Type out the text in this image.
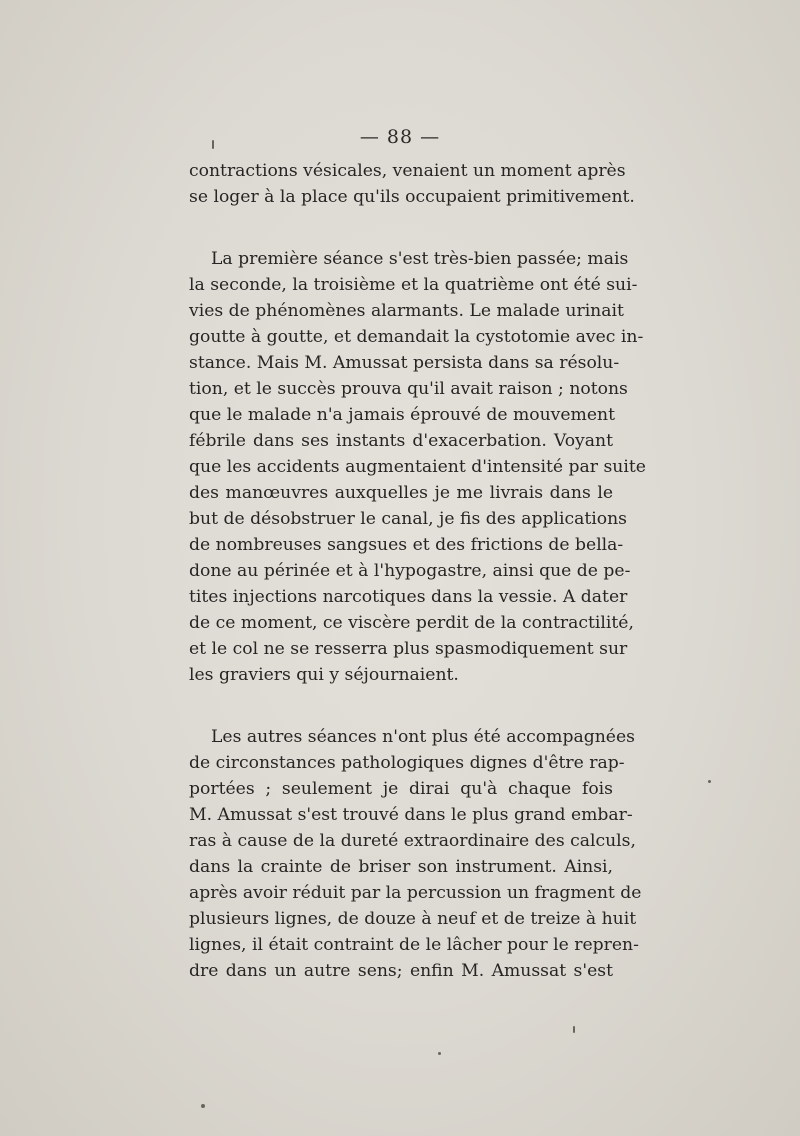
— 88 —
contractions vésicales, venaient un moment après
se loger à la place qu'ils occupaient primitivement.
La première séance s'est très-bien passée; mais
la seconde, la troisième et la quatrième ont été sui-
vies de phénomènes alarmants. Le malade urinait
goutte à goutte, et demandait la cystotomie avec in-
stance. Mais M. Amussat persista dans sa résolu-
tion, et le succès prouva qu'il avait raison ; notons
que le malade n'a jamais éprouvé de mouvement
fébrile dans ses instants d'exacerbation. Voyant
que les accidents augmentaient d'intensité par suite
des manœuvres auxquelles je me livrais dans le
but de désobstruer le canal, je fis des applications
de nombreuses sangsues et des frictions de bella-
done au périnée et à l'hypogastre, ainsi que de pe-
tites injections narcotiques dans la vessie. A dater
de ce moment, ce viscère perdit de la contractilité,
et le col ne se resserra plus spasmodiquement sur
les graviers qui y séjournaient.
Les autres séances n'ont plus été accompagnées
de circonstances pathologiques dignes d'être rap-
portées ; seulement je dirai qu'à chaque fois
M. Amussat s'est trouvé dans le plus grand embar-
ras à cause de la dureté extraordinaire des calculs,
dans la crainte de briser son instrument. Ainsi,
après avoir réduit par la percussion un fragment de
plusieurs lignes, de douze à neuf et de treize à huit
lignes, il était contraint de le lâcher pour le repren-
dre dans un autre sens; enfin M. Amussat s'est
